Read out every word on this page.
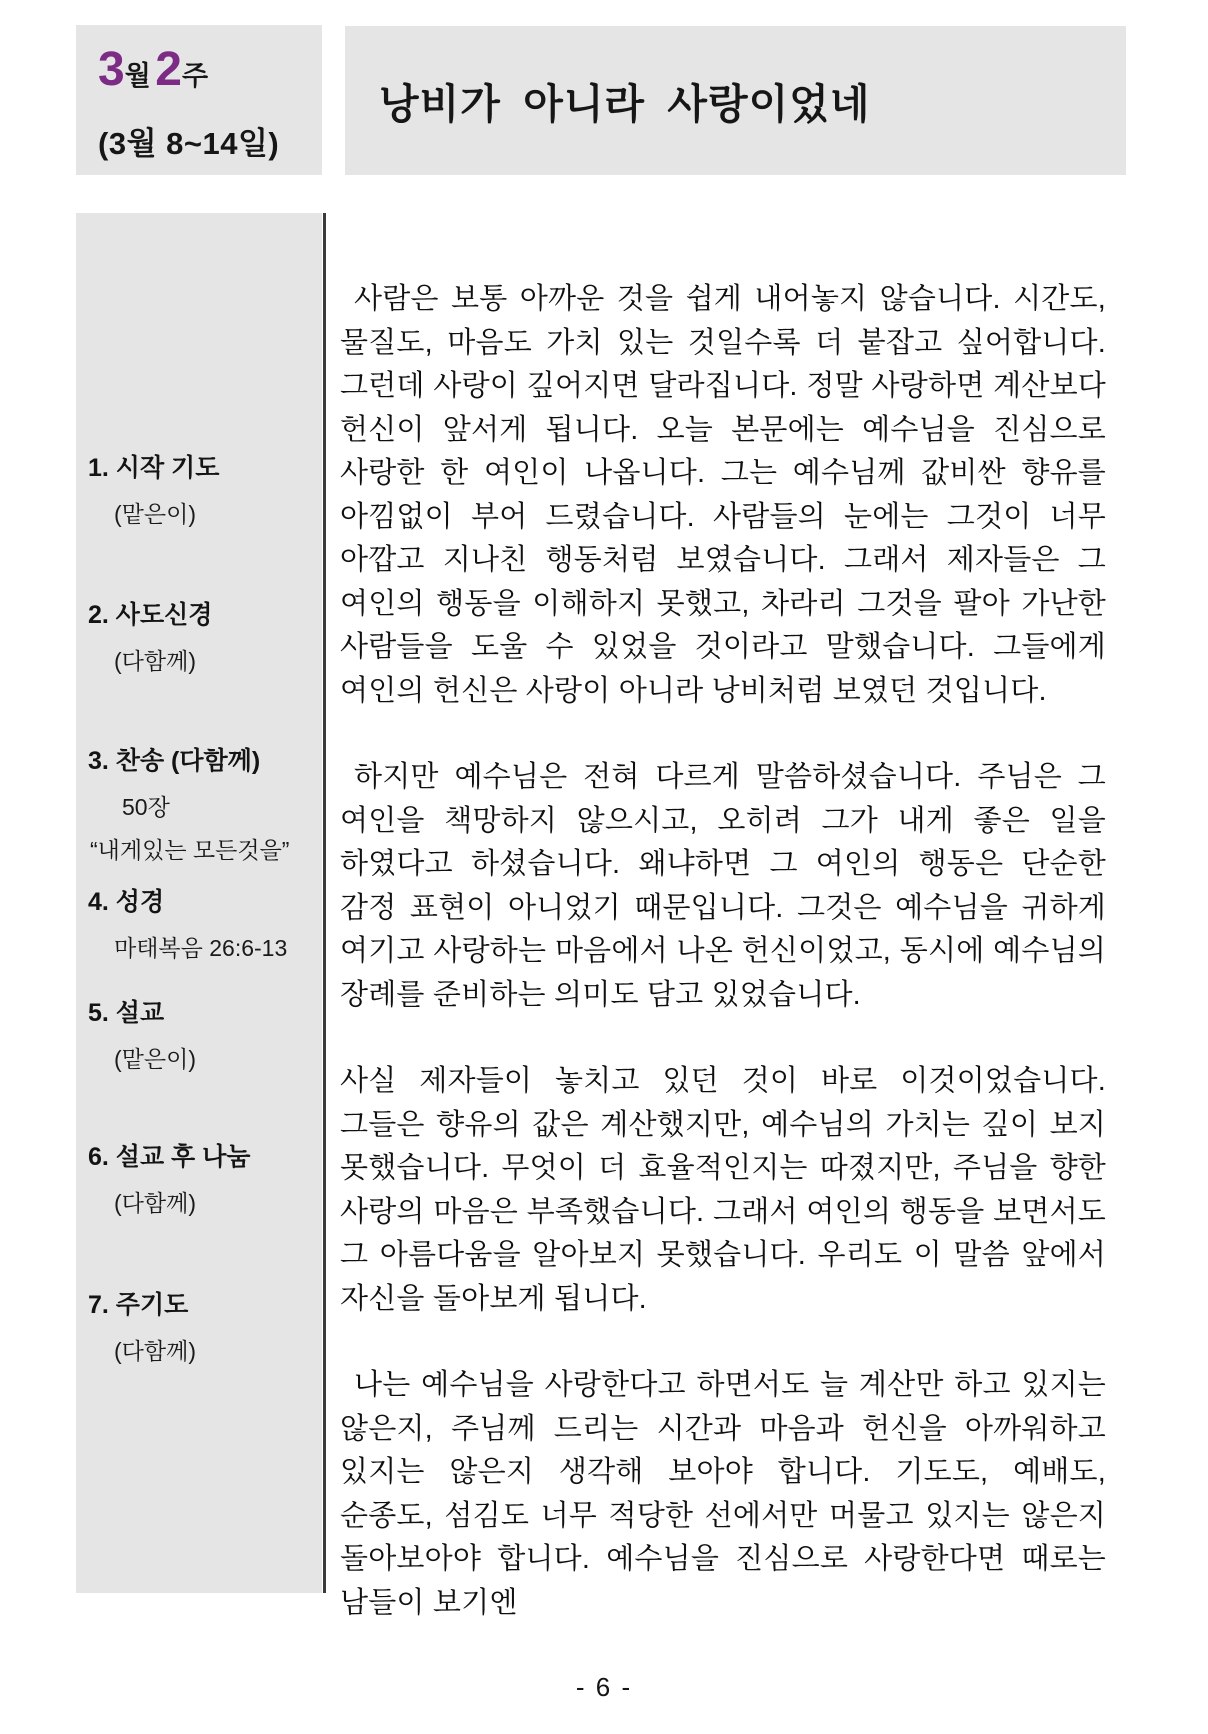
3월 2주
(3월 8~14일)
낭비가 아니라 사랑이었네
1. 시작 기도
(맡은이)
2. 사도신경
(다함께)
3. 찬송 (다함께)
50장
“내게있는 모든것을”
4. 성경
마태복음 26:6-13
5. 설교
(맡은이)
6. 설교 후 나눔
(다함께)
7. 주기도
(다함께)

사람은 보통 아까운 것을 쉽게 내어놓지 않습니다. 시간도, 물질도, 마음도 가치 있는 것일수록 더 붙잡고 싶어합니다. 그런데 사랑이 깊어지면 달라집니다. 정말 사랑하면 계산보다 헌신이 앞서게 됩니다. 오늘 본문에는 예수님을 진심으로 사랑한 한 여인이 나옵니다. 그는 예수님께 값비싼 향유를 아낌없이 부어 드렸습니다. 사람들의 눈에는 그것이 너무 아깝고 지나친 행동처럼 보였습니다. 그래서 제자들은 그 여인의 행동을 이해하지 못했고, 차라리 그것을 팔아 가난한 사람들을 도울 수 있었을 것이라고 말했습니다. 그들에게 여인의 헌신은 사랑이 아니라 낭비처럼 보였던 것입니다.

하지만 예수님은 전혀 다르게 말씀하셨습니다. 주님은 그 여인을 책망하지 않으시고, 오히려 그가 내게 좋은 일을 하였다고 하셨습니다. 왜냐하면 그 여인의 행동은 단순한 감정 표현이 아니었기 때문입니다. 그것은 예수님을 귀하게 여기고 사랑하는 마음에서 나온 헌신이었고, 동시에 예수님의 장례를 준비하는 의미도 담고 있었습니다.

사실 제자들이 놓치고 있던 것이 바로 이것이었습니다. 그들은 향유의 값은 계산했지만, 예수님의 가치는 깊이 보지 못했습니다. 무엇이 더 효율적인지는 따졌지만, 주님을 향한 사랑의 마음은 부족했습니다. 그래서 여인의 행동을 보면서도 그 아름다움을 알아보지 못했습니다. 우리도 이 말씀 앞에서 자신을 돌아보게 됩니다.

나는 예수님을 사랑한다고 하면서도 늘 계산만 하고 있지는 않은지, 주님께 드리는 시간과 마음과 헌신을 아까워하고 있지는 않은지 생각해 보아야 합니다. 기도도, 예배도, 순종도, 섬김도 너무 적당한 선에서만 머물고 있지는 않은지 돌아보아야 합니다. 예수님을 진심으로 사랑한다면 때로는 남들이 보기엔

- 6 -
